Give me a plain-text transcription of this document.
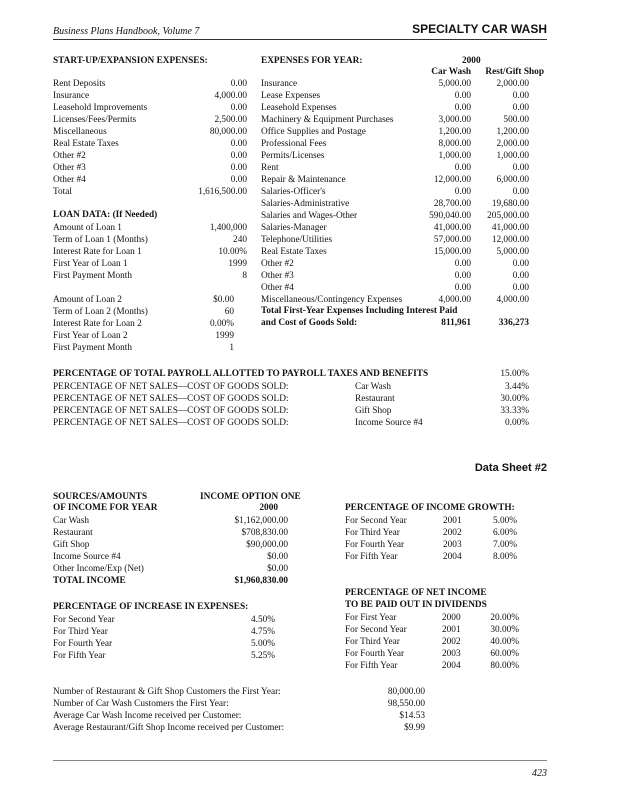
Business Plans Handbook, Volume 7	SPECIALTY CAR WASH
START-UP/EXPANSION EXPENSES:
Rent Deposits	0.00
Insurance	4,000.00
Leasehold Improvements	0.00
Licenses/Fees/Permits	2,500.00
Miscellaneous	80,000.00
Real Estate Taxes	0.00
Other #2	0.00
Other #3	0.00
Other #4	0.00
Total	1,616,500.00
LOAN DATA: (If Needed)
Amount of Loan 1	1,400,000
Term of Loan 1 (Months)	240
Interest Rate for Loan 1	10.00%
First Year of Loan 1	1999
First Payment Month	8
Amount of Loan 2	$0.00
Term of Loan 2 (Months)	60
Interest Rate for Loan 2	0.00%
First Year of Loan 2	1999
First Payment Month	1
EXPENSES FOR YEAR:	2000
Car Wash	Rest/Gift Shop
Insurance	5,000.00	2,000.00
Lease Expenses	0.00	0.00
Leasehold Expenses	0.00	0.00
Machinery & Equipment Purchases	3,000.00	500.00
Office Supplies and Postage	1,200.00	1,200.00
Professional Fees	8,000.00	2,000.00
Permits/Licenses	1,000.00	1,000.00
Rent	0.00	0.00
Repair & Maintenance	12,000.00	6,000.00
Salaries-Officer's	0.00	0.00
Salaries-Administrative	28,700.00 19,680.00
Salaries and Wages-Other	590,040.00 205,000.00
Salaries-Manager	41,000.00 41,000.00
Telephone/Utilities	57,000.00 12,000.00
Real Estate Taxes	15,000.00	5,000.00
Other #2	0.00	0.00
Other #3	0.00	0.00
Other #4	0.00	0.00
Miscellaneous/Contingency Expenses	4,000.00	4,000.00
Total First-Year Expenses Including Interest Paid
and Cost of Goods Sold:	811,961	336,273
PERCENTAGE OF TOTAL PAYROLL ALLOTTED TO PAYROLL TAXES AND BENEFITS	15.00%
PERCENTAGE OF NET SALES—COST OF GOODS SOLD:	Car Wash	3.44%
PERCENTAGE OF NET SALES—COST OF GOODS SOLD:	Restaurant	30.00%
PERCENTAGE OF NET SALES—COST OF GOODS SOLD:	Gift Shop	33.33%
PERCENTAGE OF NET SALES—COST OF GOODS SOLD:	Income Source #4	0.00%
Data Sheet #2
SOURCES/AMOUNTS
OF INCOME FOR YEAR
INCOME OPTION ONE
2000
Car Wash	$1,162,000.00
Restaurant	$708,830.00
Gift Shop	$90,000.00
Income Source #4	$0.00
Other Income/Exp (Net)	$0.00
TOTAL INCOME	$1,960,830.00
PERCENTAGE OF INCREASE IN EXPENSES:
For Second Year	4.50%
For Third Year	4.75%
For Fourth Year	5.00%
For Fifth Year	5.25%
PERCENTAGE OF INCOME GROWTH:
For Second Year	2001	5.00%
For Third Year	2002	6.00%
For Fourth Year	2003	7.00%
For Fifth Year	2004	8.00%
PERCENTAGE OF NET INCOME
TO BE PAID OUT IN DIVIDENDS
For First Year	2000	20.00%
For Second Year	2001	30.00%
For Third Year	2002	40.00%
For Fourth Year	2003	60.00%
For Fifth Year	2004	80.00%
Number of Restaurant & Gift Shop Customers the First Year:	80,000.00
Number of Car Wash Customers the First Year:	98,550.00
Average Car Wash Income received per Customer:	$14.53
Average Restaurant/Gift Shop Income received per Customer:	$9.99
423
